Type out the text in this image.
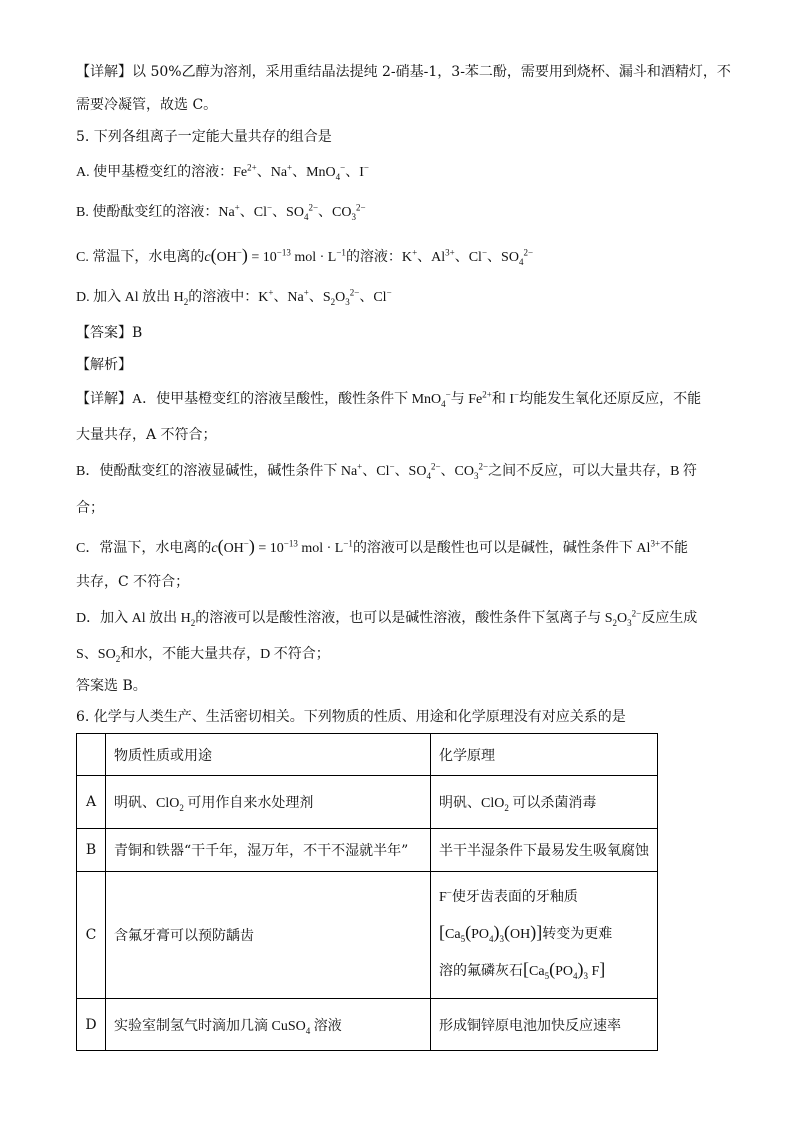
【详解】以 50%乙醇为溶剂，采用重结晶法提纯 2-硝基-1，3-苯二酚，需要用到烧杯、漏斗和酒精灯，不
需要冷凝管，故选 C。
5. 下列各组离子一定能大量共存的组合是
A. 使甲基橙变红的溶液：$Fe^{2+}$、Na+、MnO$_4$−、I−
B. 使酚酞变红的溶液：Na+、Cl−、$SO_4^{2-}$、$CO_3^{2-}$
C. 常温下，水电离的$c(OH^-) = 10^{-13}$ mol · $L^{-1}$的溶液：K+、$Al^{3+}$、Cl−、$SO_4^{2-}$
D. 加入 Al 放出 $H_2$的溶液中：K+、Na+、$S_2O_3^{2-}$、Cl−
【答案】B
【解析】
【详解】A．使甲基橙变红的溶液呈酸性，酸性条件下 MnO$_4$−与 $Fe^{2+}$和 I−均能发生氧化还原反应，不能
大量共存，A 不符合；
B．使酚酞变红的溶液显碱性，碱性条件下 Na+、Cl−、$SO_4^{2-}$、$CO_3^{2-}$之间不反应，可以大量共存，B 符
合；
C．常温下，水电离的$c(OH^-) = 10^{-13}$ mol · $L^{-1}$的溶液可以是酸性也可以是碱性，碱性条件下 $Al^{3+}$不能
共存，C 不符合；
D．加入 Al 放出 $H_2$的溶液可以是酸性溶液，也可以是碱性溶液，酸性条件下氢离子与 $S_2O_3^{2-}$反应生成
S、$SO_2$和水，不能大量共存，D 不符合；
答案选 B。
6. 化学与人类生产、生活密切相关。下列物质的性质、用途和化学原理没有对应关系的是
	物质性质或用途	化学原理
A	明矾、ClO$_2$ 可用作自来水处理剂	明矾、ClO$_2$ 可以杀菌消毒
B	青铜和铁器“干千年，湿万年，不干不湿就半年”	半干半湿条件下最易发生吸氧腐蚀
C	含氟牙膏可以预防龋齿	F−使牙齿表面的牙釉质
$[Ca_5(PO_4)_3(OH)]$转变为更难
溶的氟磷灰石[$Ca_5(PO_4)_3$ F]

D	实验室制氢气时滴加几滴 CuSO$_4$ 溶液	形成铜锌原电池加快反应速率
